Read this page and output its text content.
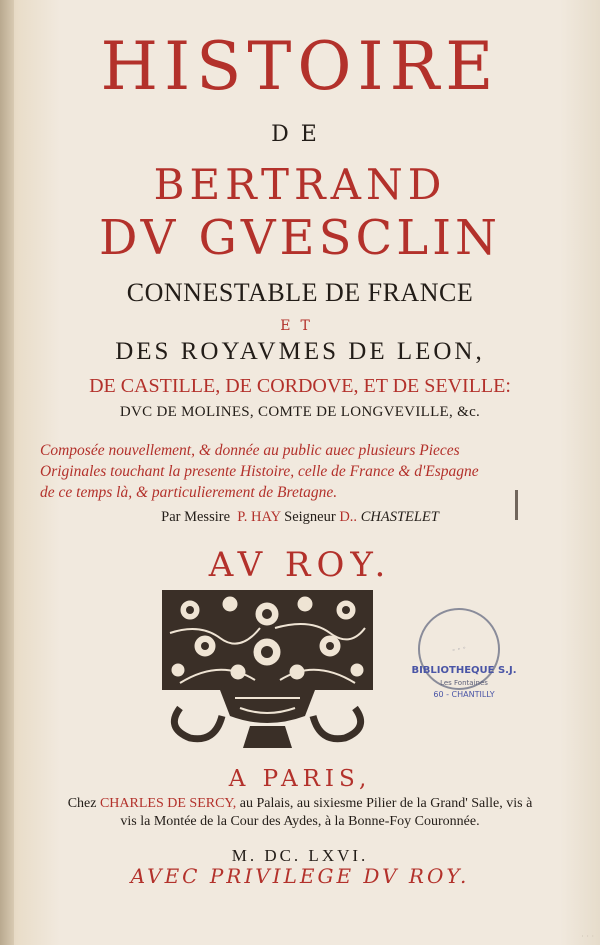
HISTOIRE
DE
BERTRAND
DV GVESCLIN
CONNESTABLE DE FRANCE
ET
DES ROYAVMES DE LEON,
DE CASTILLE, DE CORDOVE, ET DE SEVILLE:
DVC DE MOLINES, COMTE DE LONGVEVILLE, &c.
Composée nouvellement, & donnée au public auec plusieurs Pieces
Originales touchant la presente Histoire, celle de France & d'Espagne
de ce temps là, & particulierement de Bretagne.
Par Messire P. HAY Seigneur D.. CHASTELET
AV ROY.
◦ ◦ ◦
BIBLIOTHEQUE S.J.
Les Fontaines
60 - CHANTILLY
A PARIS,
Chez CHARLES DE SERCY, au Palais, au sixiesme Pilier de la Grand' Salle, vis à
vis la Montée de la Cour des Aydes, à la Bonne-Foy Couronnée.
M. DC. LXVI.
AVEC PRIVILEGE DV ROY.
· · ·
